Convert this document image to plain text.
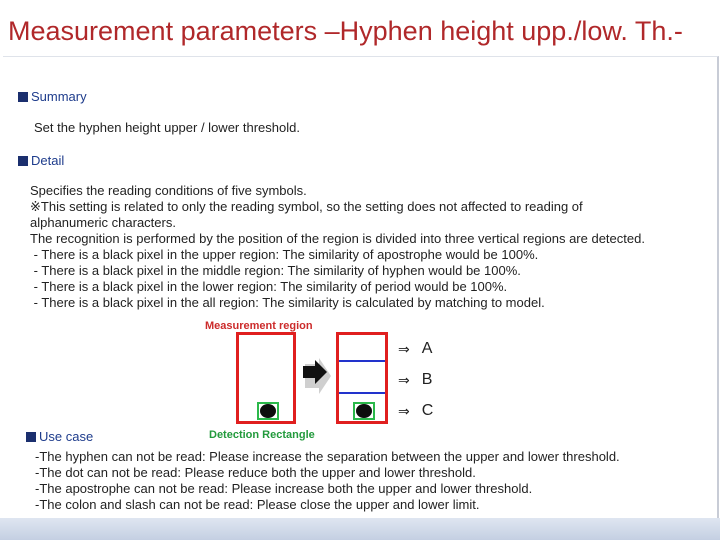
Measurement parameters –Hyphen height upp./low. Th.-
Summary
Set the hyphen height upper / lower threshold.
Detail
Specifies the reading conditions of five symbols.
※This setting is related to only the reading symbol, so the setting does not affected to reading of
alphanumeric characters.
The recognition is performed by the position of the region is divided into three vertical regions are detected.
- There is a black pixel in the upper region: The similarity of apostrophe would be 100%.
- There is a black pixel in the middle region: The similarity of hyphen would be 100%.
- There is a black pixel in the lower region: The similarity of period would be 100%.
- There is a black pixel in the all region: The similarity is calculated by matching to model.
Measurement region
⇒ A
⇒ B
⇒ C
Detection Rectangle
Use case
-The hyphen can not be read: Please increase the separation between the upper and lower threshold.
-The dot can not be read: Please reduce both the upper and lower threshold.
-The apostrophe can not be read: Please increase both the upper and lower threshold.
-The colon and slash can not be read: Please close the upper and lower limit.
